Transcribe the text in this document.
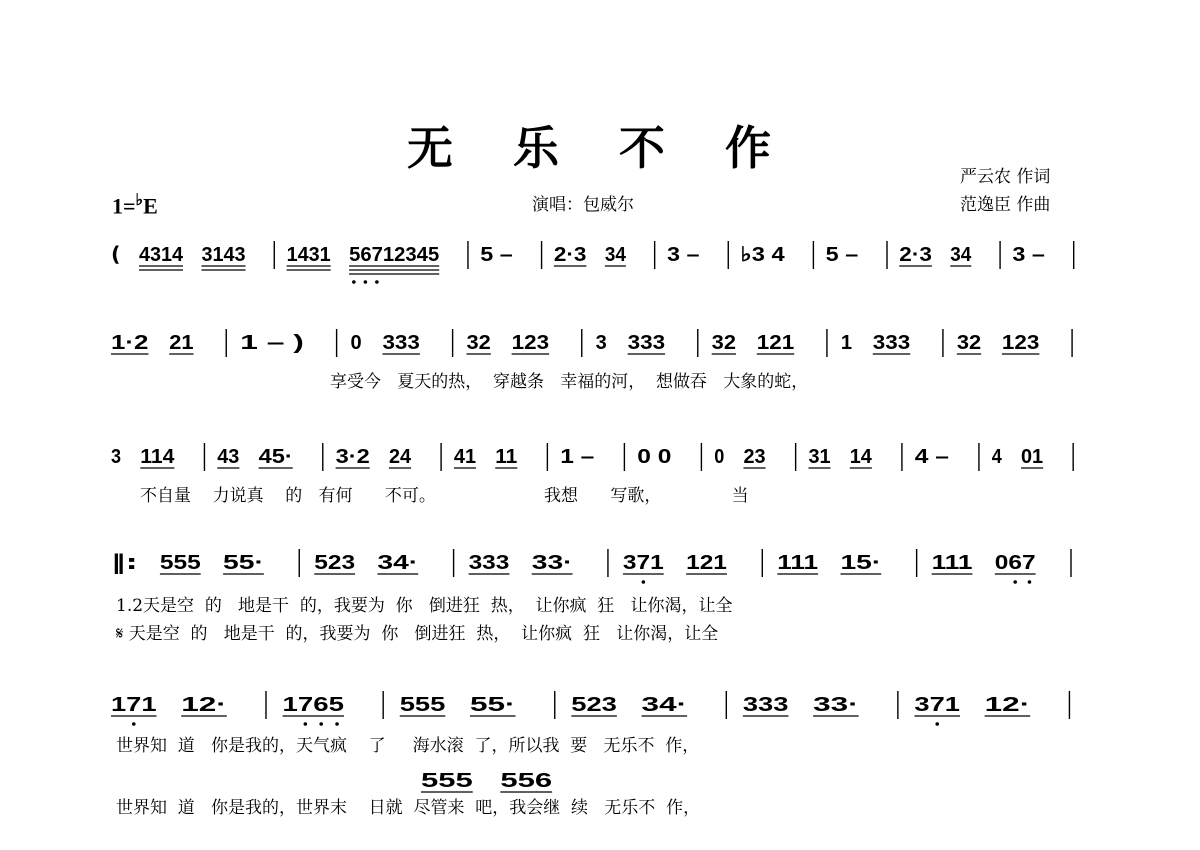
无 乐 不 作
1=♭E	演唱：包威尔
严云农 作词
范逸臣 作曲
( 4314 3143 1431 56712345 5 – 2·3 34 3 – ♭3 4 5 – 2·3 34 3 –
1·2 21 1 – ) 0 333 32 123 3 333 32 121 1 333 32 123
享受今   夏天的热，  穿越条   幸福的河，  想做吞   大象的蛇，
3 114 43 45· 3·2 24 41 11 1 – 0 0 0 23 31 14 4 – 4 01
不自量    力说真    的   有何      不可。                    我想      写歌，             当
‖: 555 55·	523 34·	333 33·	371 121	111 15·	111 067
1.2天是空  的   地是干  的，我要为  你   倒进狂  热，  让你疯  狂   让你渴，让全
𝄋 天是空  的   地是干  的，我要为  你   倒进狂  热，  让你疯  狂   让你渴，让全
171 12·	1765	555 55·	523 34·	333 33·	371 12·
世界知  道   你是我的，天气疯    了     海水滚  了，所以我  要   无乐不  作，
555 556
世界知  道   你是我的，世界末    日就  尽管来  吧，我会继  续   无乐不  作，
